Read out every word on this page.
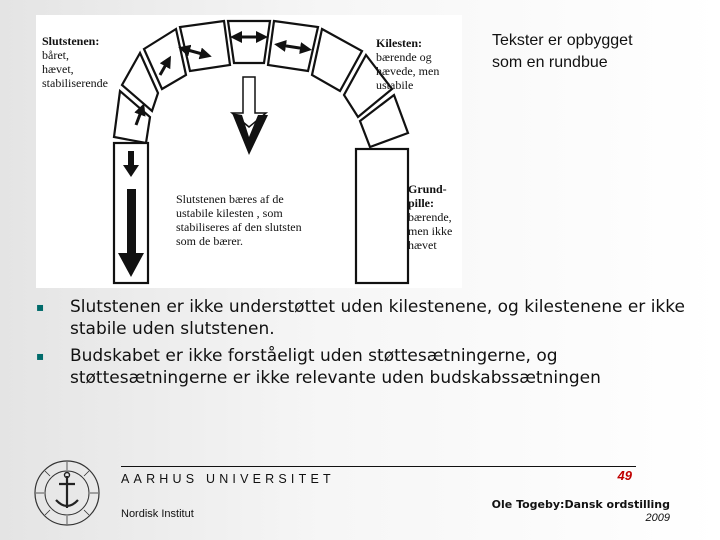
Tekster er opbygget
som en rundbue
Slutstenen:
båret,
hævet,
stabiliserende
Kilesten:
bærende og
hævede, men
ustabile
Slutstenen bæres af de
ustabile kilesten , som
stabiliseres af den slutsten
som de bærer.
Grund-
pille:
bærende,
men ikke
hævet
▪ Slutstenen er ikke understøttet uden kilestenene, og kilestenene er ikke stabile uden slutstenen.
▪ Budskabet er ikke forståeligt uden støttesætningerne, og støttesætningerne er ikke relevante uden budskabssætningen
AARHUS UNIVERSITET
Nordisk Institut
49
Ole Togeby:Dansk ordstilling
2009
